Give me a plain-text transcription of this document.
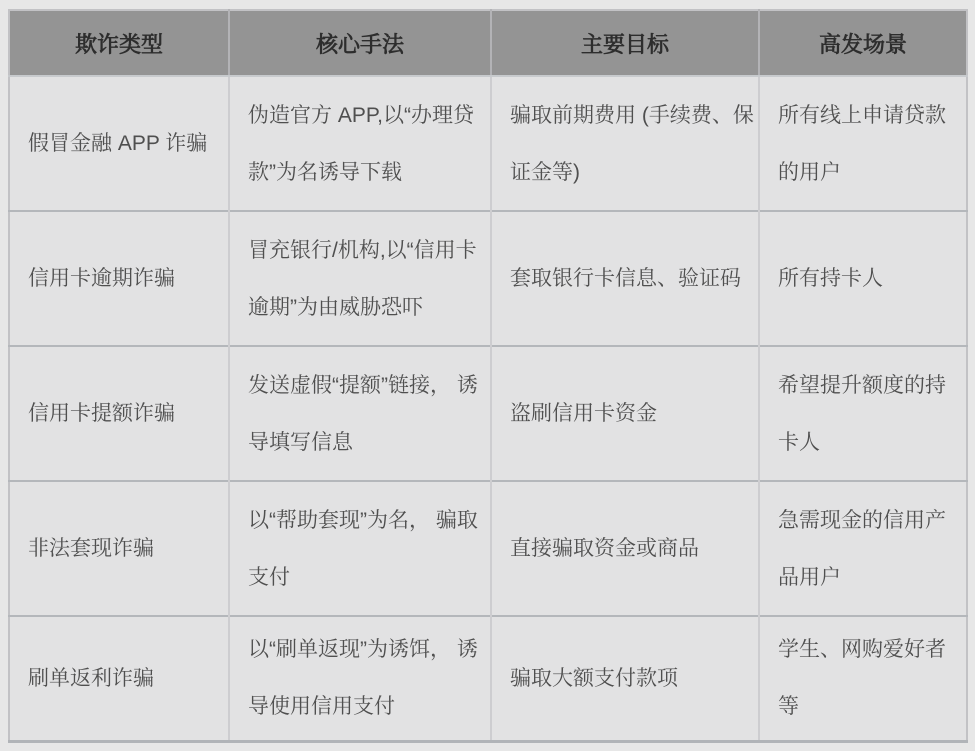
欺诈类型	核心手法	主要目标	高发场景
假冒金融 APP 诈骗	伪造官方 APP,以“办理贷款”为名诱导下载	骗取前期费用 (手续费、保证金等)	所有线上申请贷款的用户
信用卡逾期诈骗	冒充银行/机构,以“信用卡逾期”为由威胁恐吓	套取银行卡信息、验证码	所有持卡人
信用卡提额诈骗	发送虚假“提额”链接， 诱导填写信息	盗刷信用卡资金	希望提升额度的持卡人
非法套现诈骗	以“帮助套现”为名， 骗取支付	直接骗取资金或商品	急需现金的信用产品用户
刷单返利诈骗	以“刷单返现”为诱饵， 诱导使用信用支付	骗取大额支付款项	学生、网购爱好者等
